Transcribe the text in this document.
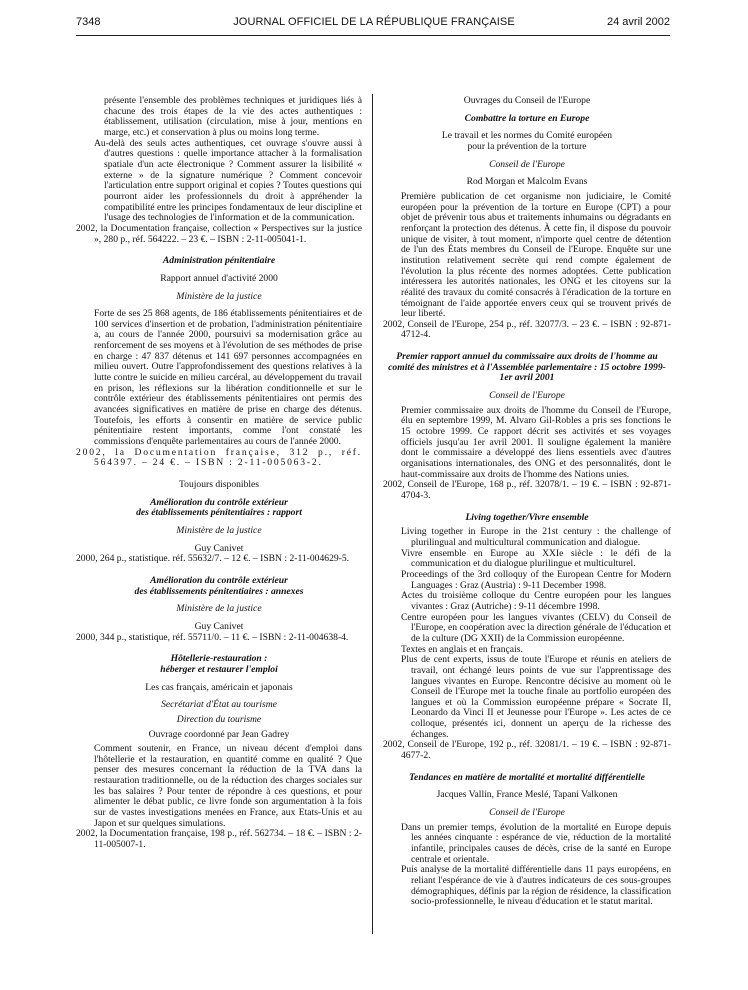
7348	JOURNAL OFFICIEL DE LA RÉPUBLIQUE FRANÇAISE	24 avril 2002

présente l'ensemble des problèmes techniques et juridiques liés à chacune des trois étapes de la vie des actes authentiques : établissement, utilisation (circulation, mise à jour, mentions en marge, etc.) et conservation à plus ou moins long terme.

Au-delà des seuls actes authentiques, cet ouvrage s'ouvre aussi à d'autres questions : quelle importance attacher à la formalisation spatiale d'un acte électronique ? Comment assurer la lisibilité « externe » de la signature numérique ? Comment concevoir l'articulation entre support original et copies ? Toutes questions qui pourront aider les professionnels du droit à appréhender la compatibilité entre les principes fondamentaux de leur discipline et l'usage des technologies de l'information et de la communication.

2002, la Documentation française, collection « Perspectives sur la justice », 280 p., réf. 564222. – 23 €. – ISBN : 2-11-005041-1.

Administration pénitentiaire

Rapport annuel d'activité 2000

Ministère de la justice

Forte de ses 25 868 agents, de 186 établissements pénitentiaires et de 100 services d'insertion et de probation, l'administration pénitentiaire a, au cours de l'année 2000, poursuivi sa modernisation grâce au renforcement de ses moyens et à l'évolution de ses méthodes de prise en charge : 47 837 détenus et 141 697 personnes accompagnées en milieu ouvert. Outre l'approfondissement des questions relatives à la lutte contre le suicide en milieu carcéral, au développement du travail en prison, les réflexions sur la libération conditionnelle et sur le contrôle extérieur des établissements pénitentiaires ont permis des avancées significatives en matière de prise en charge des détenus. Toutefois, les efforts à consentir en matière de service public pénitentiaire restent importants, comme l'ont constaté les commissions d'enquête parlementaires au cours de l'année 2000.

2002, la Documentation française, 312 p., réf. 564397. – 24 €. – ISBN : 2-11-005063-2.

Toujours disponibles

Amélioration du contrôle extérieur

des établissements pénitentiaires : rapport

Ministère de la justice

Guy Canivet

2000, 264 p., statistique. réf. 55632/7. – 12 €. – ISBN : 2-11-004629-5.

Amélioration du contrôle extérieur

des établissements pénitentiaires : annexes

Ministère de la justice

Guy Canivet

2000, 344 p., statistique, réf. 55711/0. – 11 €. – ISBN : 2-11-004638-4.

Hôtellerie-restauration :

héberger et restaurer l'emploi

Les cas français, américain et japonais

Secrétariat d'État au tourisme

Direction du tourisme

Ouvrage coordonné par Jean Gadrey

Comment soutenir, en France, un niveau décent d'emploi dans l'hôtellerie et la restauration, en quantité comme en qualité ? Que penser des mesures concernant la réduction de la TVA dans la restauration traditionnelle, ou de la réduction des charges sociales sur les bas salaires ? Pour tenter de répondre à ces questions, et pour alimenter le débat public, ce livre fonde son argumentation à la fois sur de vastes investigations menées en France, aux Etats-Unis et au Japon et sur quelques simulations.

2002, la Documentation française, 198 p., réf. 562734. – 18 €. – ISBN : 2-11-005007-1.

Ouvrages du Conseil de l'Europe

Combattre la torture en Europe

Le travail et les normes du Comité européen

pour la prévention de la torture

Conseil de l'Europe

Rod Morgan et Malcolm Evans

Première publication de cet organisme non judiciaire, le Comité européen pour la prévention de la torture en Europe (CPT) a pour objet de prévenir tous abus et traitements inhumains ou dégradants en renforçant la protection des détenus. À cette fin, il dispose du pouvoir unique de visiter, à tout moment, n'importe quel centre de détention de l'un des États membres du Conseil de l'Europe. Enquête sur une institution relativement secrète qui rend compte également de l'évolution la plus récente des normes adoptées. Cette publication intéressera les autorités nationales, les ONG et les citoyens sur la réalité des travaux du comité consacrés à l'éradication de la torture en témoignant de l'aide apportée envers ceux qui se trouvent privés de leur liberté.

2002, Conseil de l'Europe, 254 p., réf. 32077/3. – 23 €. – ISBN : 92-871-4712-4.

Premier rapport annuel du commissaire aux droits de l'homme au comité des ministres et à l'Assemblée parlementaire : 15 octobre 1999-1er avril 2001

Conseil de l'Europe

Premier commissaire aux droits de l'homme du Conseil de l'Europe, élu en septembre 1999, M. Alvaro Gil-Robles a pris ses fonctions le 15 octobre 1999. Ce rapport décrit ses activités et ses voyages officiels jusqu'au 1er avril 2001. Il souligne également la manière dont le commissaire a développé des liens essentiels avec d'autres organisations internationales, des ONG et des personnalités, dont le haut-commissaire aux droits de l'homme des Nations unies.

2002, Conseil de l'Europe, 168 p., réf. 32078/1. – 19 €. – ISBN : 92-871-4704-3.

Living together/Vivre ensemble

Living together in Europe in the 21st century : the challenge of plurilingual and multicultural communication and dialogue.

Vivre ensemble en Europe au XXIe siècle : le défi de la communication et du dialogue plurilingue et multiculturel.

Proceedings of the 3rd colloquy of the European Centre for Modern Languages : Graz (Austria) : 9-11 December 1998.

Actes du troisième colloque du Centre européen pour les langues vivantes : Graz (Autriche) : 9-11 décembre 1998.

Centre européen pour les langues vivantes (CELV) du Conseil de l'Europe, en coopération avec la direction générale de l'éducation et de la culture (DG XXII) de la Commission européenne.

Textes en anglais et en français.

Plus de cent experts, issus de toute l'Europe et réunis en ateliers de travail, ont échangé leurs points de vue sur l'apprentissage des langues vivantes en Europe. Rencontre décisive au moment où le Conseil de l'Europe met la touche finale au portfolio européen des langues et où la Commission européenne prépare « Socrate II, Leonardo da Vinci II et Jeunesse pour l'Europe ». Les actes de ce colloque, présentés ici, donnent un aperçu de la richesse des échanges.

2002, Conseil de l'Europe, 192 p., réf. 32081/1. – 19 €. – ISBN : 92-871-4677-2.

Tendances en matière de mortalité et mortalité différentielle

Jacques Vallin, France Meslé, Tapani Valkonen

Conseil de l'Europe

Dans un premier temps, évolution de la mortalité en Europe depuis les années cinquante : espérance de vie, réduction de la mortalité infantile, principales causes de décès, crise de la santé en Europe centrale et orientale.

Puis analyse de la mortalité différentielle dans 11 pays européens, en reliant l'espérance de vie à d'autres indicateurs de ces sous-groupes démographiques, définis par la région de résidence, la classification socio-professionnelle, le niveau d'éducation et le statut marital.
